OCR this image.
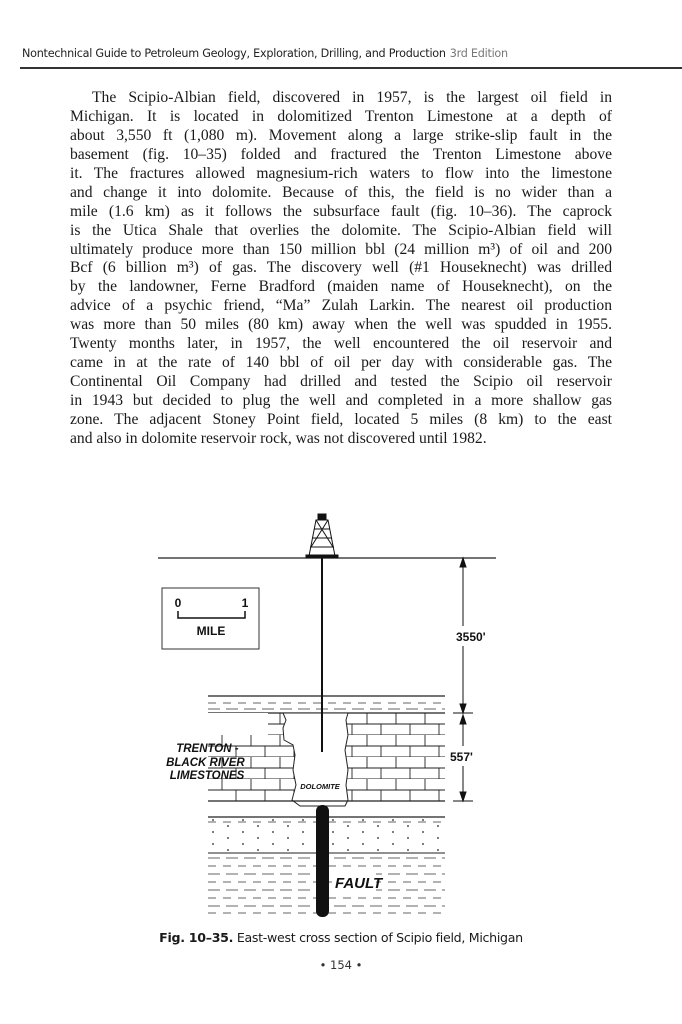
Nontechnical Guide to Petroleum Geology, Exploration, Drilling, and Production 3rd Edition
The Scipio-Albian field, discovered in 1957, is the largest oil field in
Michigan. It is located in dolomitized Trenton Limestone at a depth of
about 3,550 ft (1,080 m). Movement along a large strike-slip fault in the
basement (fig. 10–35) folded and fractured the Trenton Limestone above
it. The fractures allowed magnesium-rich waters to flow into the limestone
and change it into dolomite. Because of this, the field is no wider than a
mile (1.6 km) as it follows the subsurface fault (fig. 10–36). The caprock
is the Utica Shale that overlies the dolomite. The Scipio-Albian field will
ultimately produce more than 150 million bbl (24 million m³) of oil and 200
Bcf (6 billion m³) of gas. The discovery well (#1 Houseknecht) was drilled
by the landowner, Ferne Bradford (maiden name of Houseknecht), on the
advice of a psychic friend, “Ma” Zulah Larkin. The nearest oil production
was more than 50 miles (80 km) away when the well was spudded in 1955.
Twenty months later, in 1957, the well encountered the oil reservoir and
came in at the rate of 140 bbl of oil per day with considerable gas. The
Continental Oil Company had drilled and tested the Scipio oil reservoir
in 1943 but decided to plug the well and completed in a more shallow gas
zone. The adjacent Stoney Point field, located 5 miles (8 km) to the east
and also in dolomite reservoir rock, was not discovered until 1982.
0	1
MILE
TRENTON - BLACK RIVER LIMESTONES
DOLOMITE
FAULT
3550'
557'
Fig. 10–35. East-west cross section of Scipio field, Michigan
• 154 •
